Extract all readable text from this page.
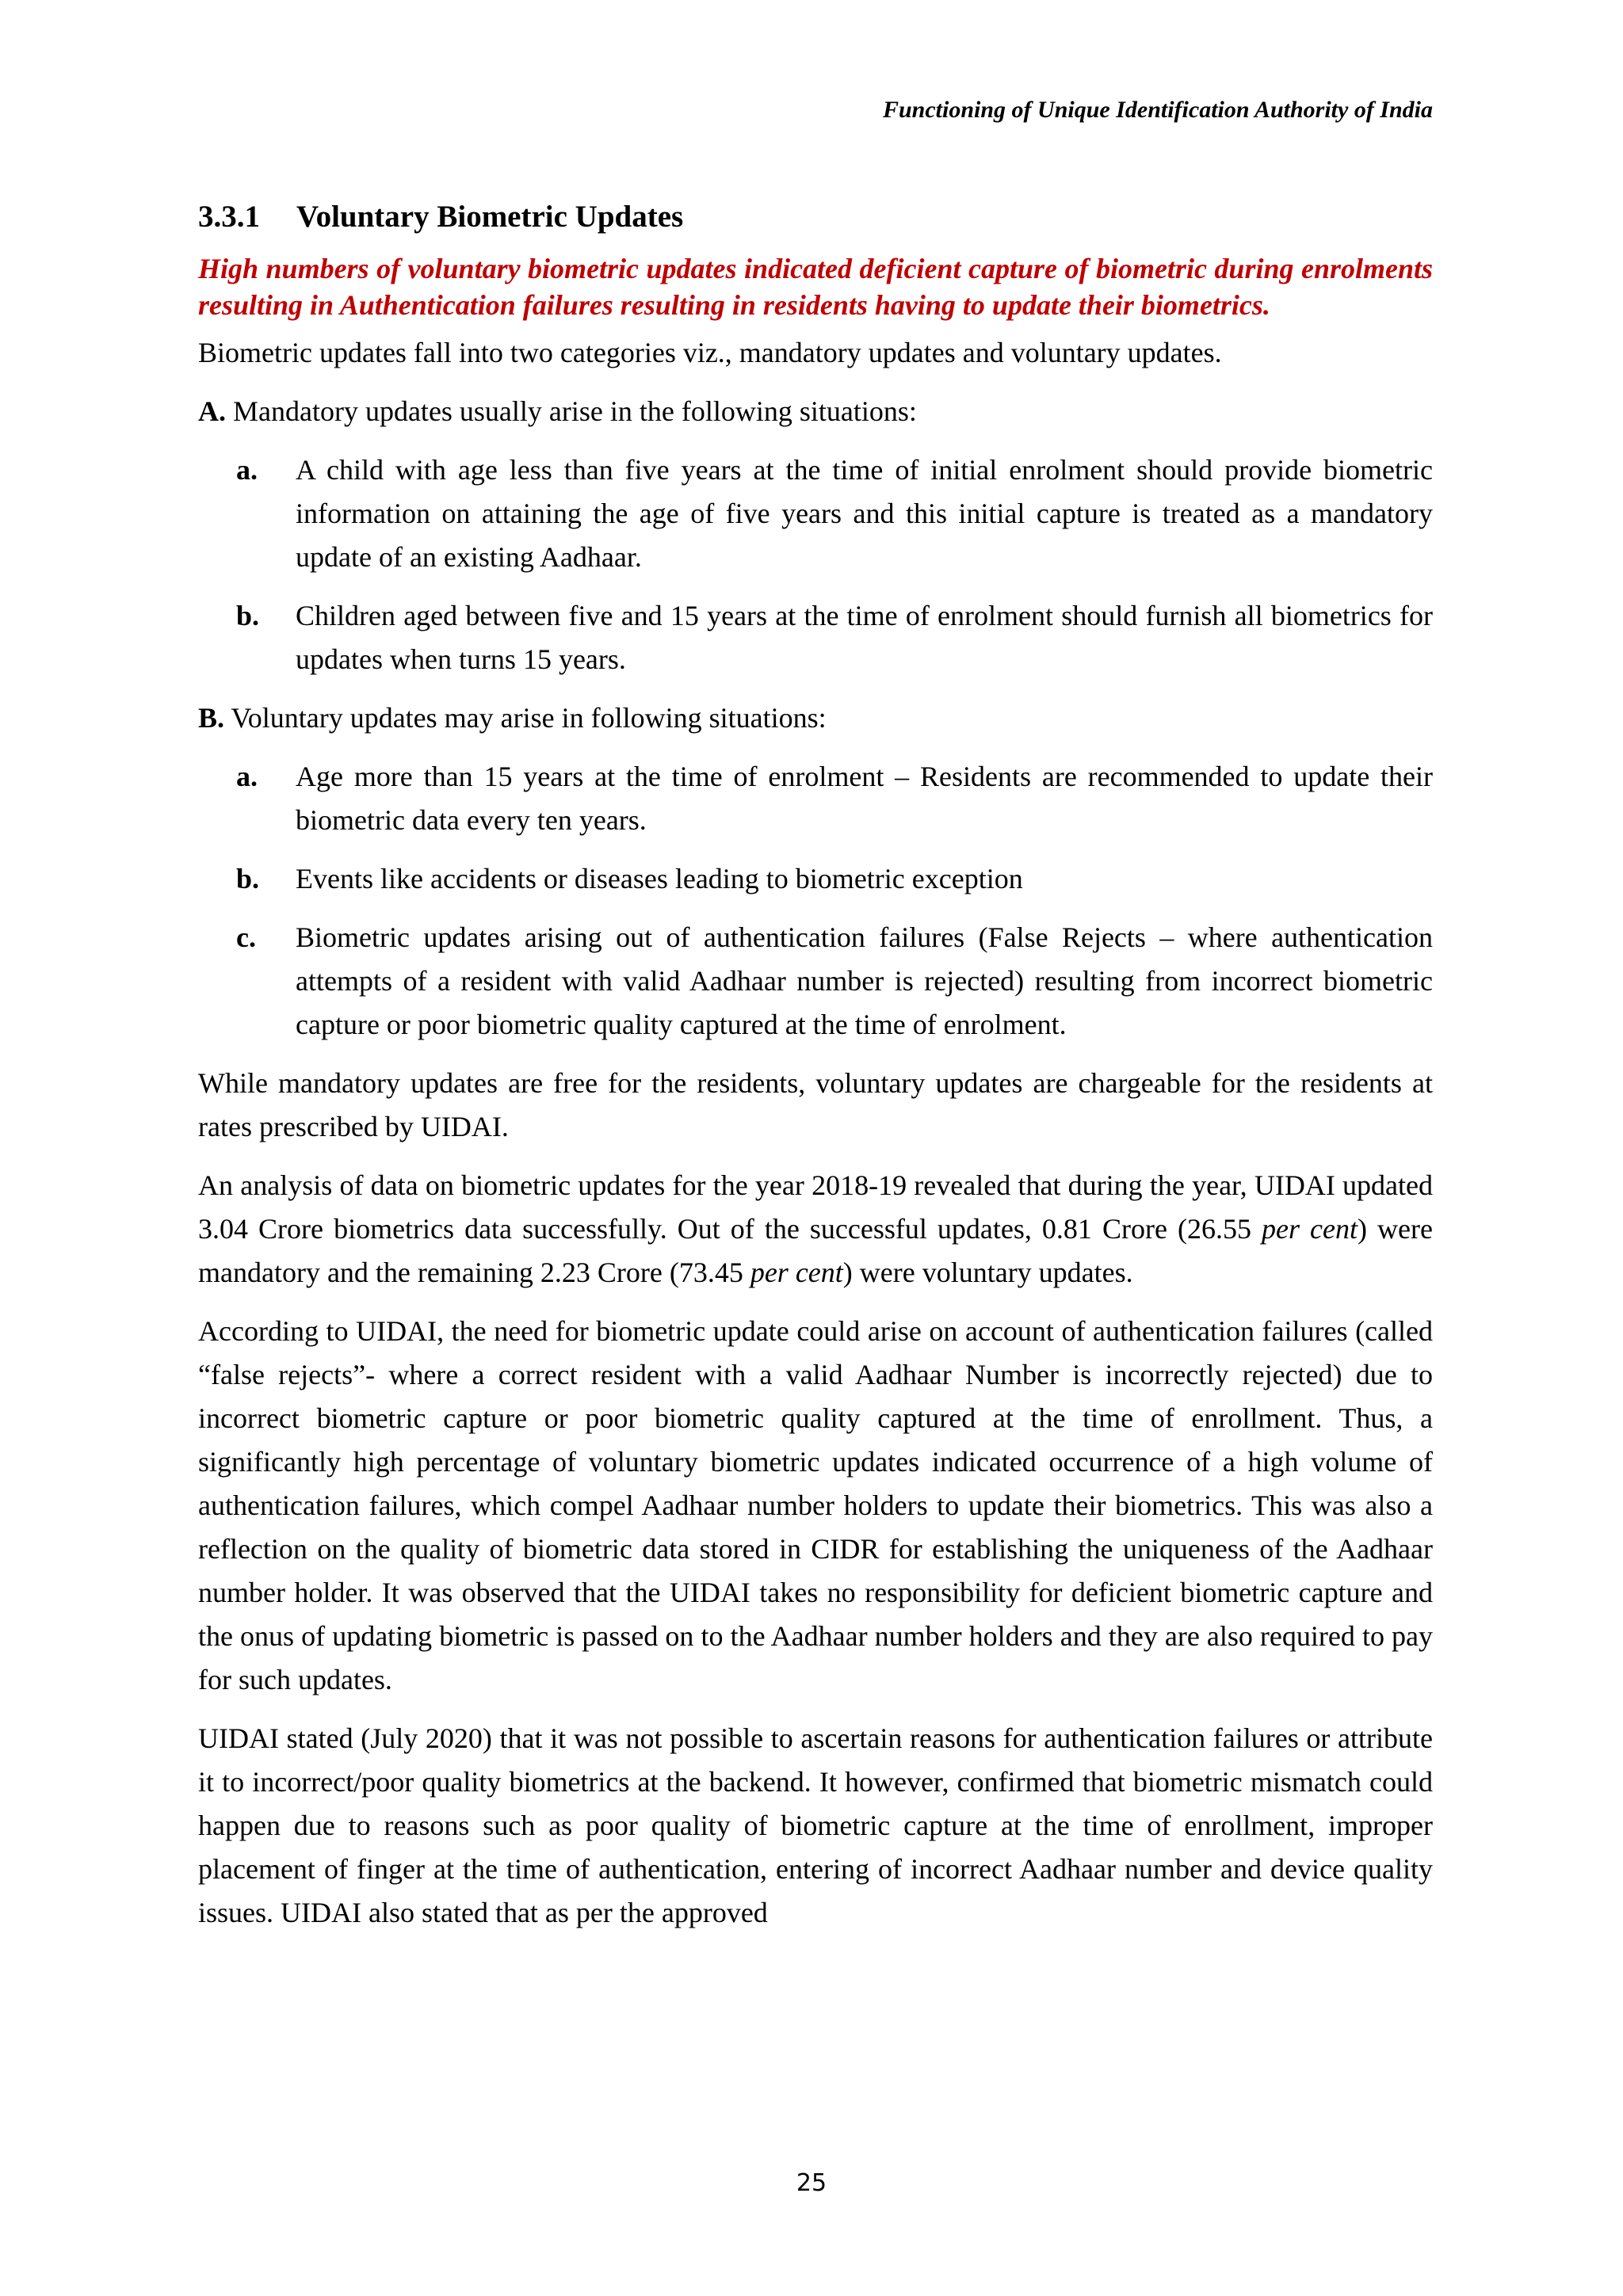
Functioning of Unique Identification Authority of India
3.3.1 Voluntary Biometric Updates

High numbers of voluntary biometric updates indicated deficient capture of biometric during enrolments resulting in Authentication failures resulting in residents having to update their biometrics.

Biometric updates fall into two categories viz., mandatory updates and voluntary updates.

A. Mandatory updates usually arise in the following situations:
a. A child with age less than five years at the time of initial enrolment should provide biometric information on attaining the age of five years and this initial capture is treated as a mandatory update of an existing Aadhaar.
b. Children aged between five and 15 years at the time of enrolment should furnish all biometrics for updates when turns 15 years.
B. Voluntary updates may arise in following situations:
a. Age more than 15 years at the time of enrolment – Residents are recommended to update their biometric data every ten years.
b. Events like accidents or diseases leading to biometric exception
c. Biometric updates arising out of authentication failures (False Rejects – where authentication attempts of a resident with valid Aadhaar number is rejected) resulting from incorrect biometric capture or poor biometric quality captured at the time of enrolment.

While mandatory updates are free for the residents, voluntary updates are chargeable for the residents at rates prescribed by UIDAI.

An analysis of data on biometric updates for the year 2018-19 revealed that during the year, UIDAI updated 3.04 Crore biometrics data successfully. Out of the successful updates, 0.81 Crore (26.55 per cent) were mandatory and the remaining 2.23 Crore (73.45 per cent) were voluntary updates.

According to UIDAI, the need for biometric update could arise on account of authentication failures (called “false rejects”- where a correct resident with a valid Aadhaar Number is incorrectly rejected) due to incorrect biometric capture or poor biometric quality captured at the time of enrollment. Thus, a significantly high percentage of voluntary biometric updates indicated occurrence of a high volume of authentication failures, which compel Aadhaar number holders to update their biometrics. This was also a reflection on the quality of biometric data stored in CIDR for establishing the uniqueness of the Aadhaar number holder. It was observed that the UIDAI takes no responsibility for deficient biometric capture and the onus of updating biometric is passed on to the Aadhaar number holders and they are also required to pay for such updates.

UIDAI stated (July 2020) that it was not possible to ascertain reasons for authentication failures or attribute it to incorrect/poor quality biometrics at the backend. It however, confirmed that biometric mismatch could happen due to reasons such as poor quality of biometric capture at the time of enrollment, improper placement of finger at the time of authentication, entering of incorrect Aadhaar number and device quality issues. UIDAI also stated that as per the approved

25
